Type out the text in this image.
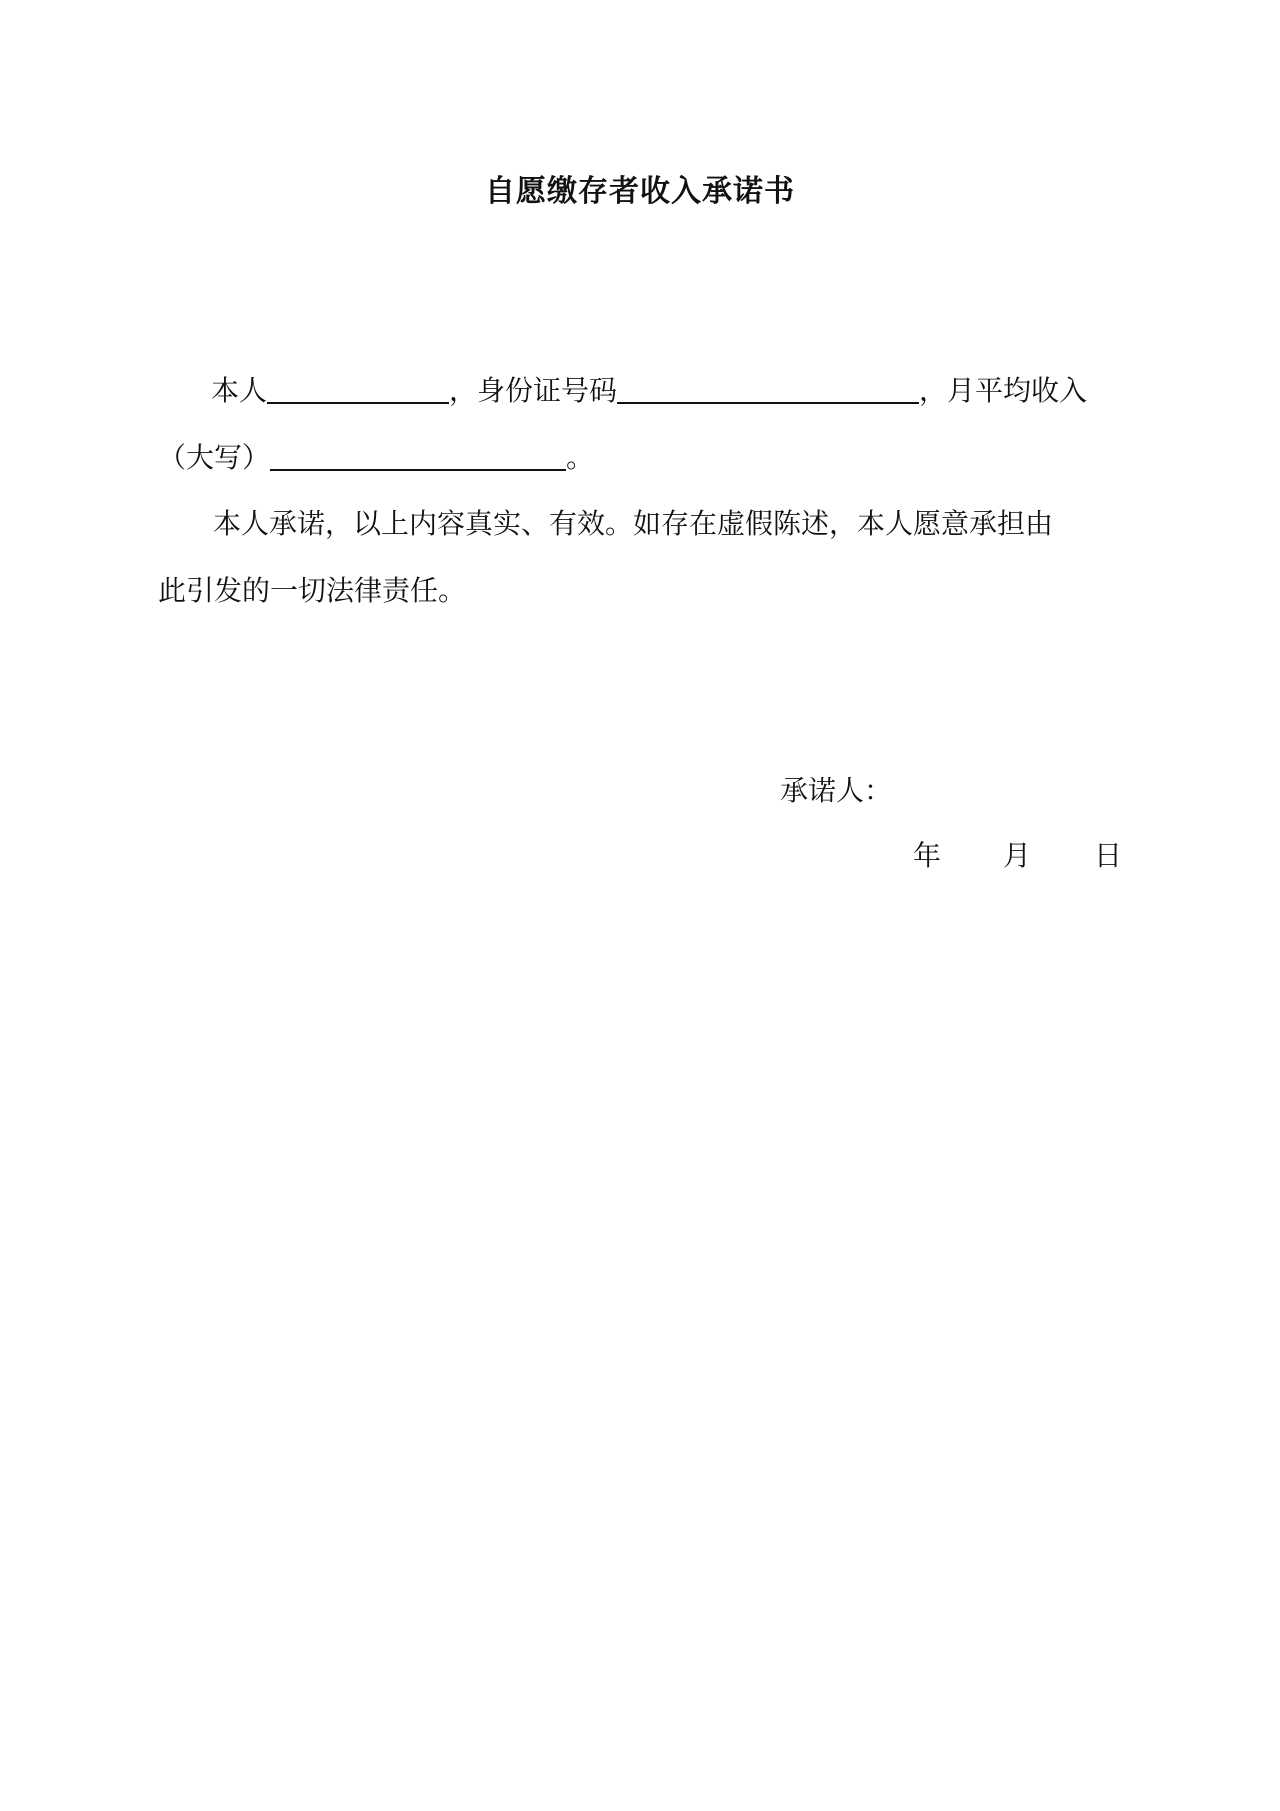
自愿缴存者收入承诺书
本人	，身份证号码	，月平均收入
（大写）	。
本人承诺，以上内容真实、有效。如存在虚假陈述，本人愿意承担由
此引发的一切法律责任。
承诺人：
年 月 日
